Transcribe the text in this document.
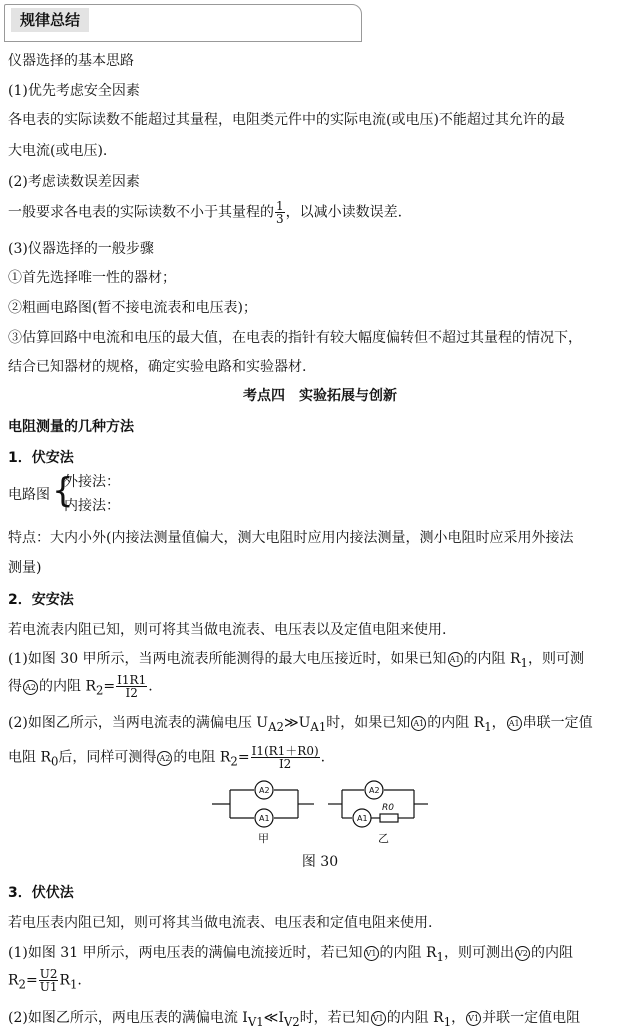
规律总结
仪器选择的基本思路
(1)优先考虑安全因素
各电表的实际读数不能超过其量程，电阻类元件中的实际电流(或电压)不能超过其允许的最
大电流(或电压).
(2)考虑读数误差因素
一般要求各电表的实际读数不小于其量程的 $\frac{1}{3}$ ，以减小读数误差.
(3)仪器选择的一般步骤
①首先选择唯一性的器材；
②粗画电路图(暂不接电流表和电压表)；
③估算回路中电流和电压的最大值，在电表的指针有较大幅度偏转但不超过其量程的情况下，
结合已知器材的规格，确定实验电路和实验器材.
考点四　实验拓展与创新
电阻测量的几种方法
1．伏安法
电路图 {
外接法：
内接法：
特点：大内小外(内接法测量值偏大，测大电阻时应用内接法测量，测小电阻时应采用外接法
测量)
2．安安法
若电流表内阻已知，则可将其当做电流表、电压表以及定值电阻来使用.
(1)如图 30 甲所示，当两电流表所能测得的最大电压接近时，如果已知 A1 的内阻 $R_1$，则可测
得 A2 的内阻 $R_2= \frac{I1R1}{I2}$ .
(2)如图乙所示，当两电流表的满偏电压 $U_{A2}≫U_{A1}$时，如果已知 A1 的内阻 $R_1$， A1 串联一定值
电阻 $R_0$后，同样可测得 A2 的电阻 $R_2= \frac{I1(R1+R0)}{I2}$ .
A2
A1
甲
A2
A1
R0
乙
图 30
3．伏伏法
若电压表内阻已知，则可将其当做电流表、电压表和定值电阻来使用.
(1)如图 31 甲所示，两电压表的满偏电流接近时，若已知 V1 的内阻 $R_1$，则可测出 V2 的内阻
$R_2= \frac{U2}{U1} R_1$.
(2)如图乙所示，两电压表的满偏电流 $I_{V1}≪I_{V2}$时，若已知 V1 的内阻 $R_1$， V1 并联一定值电阻
